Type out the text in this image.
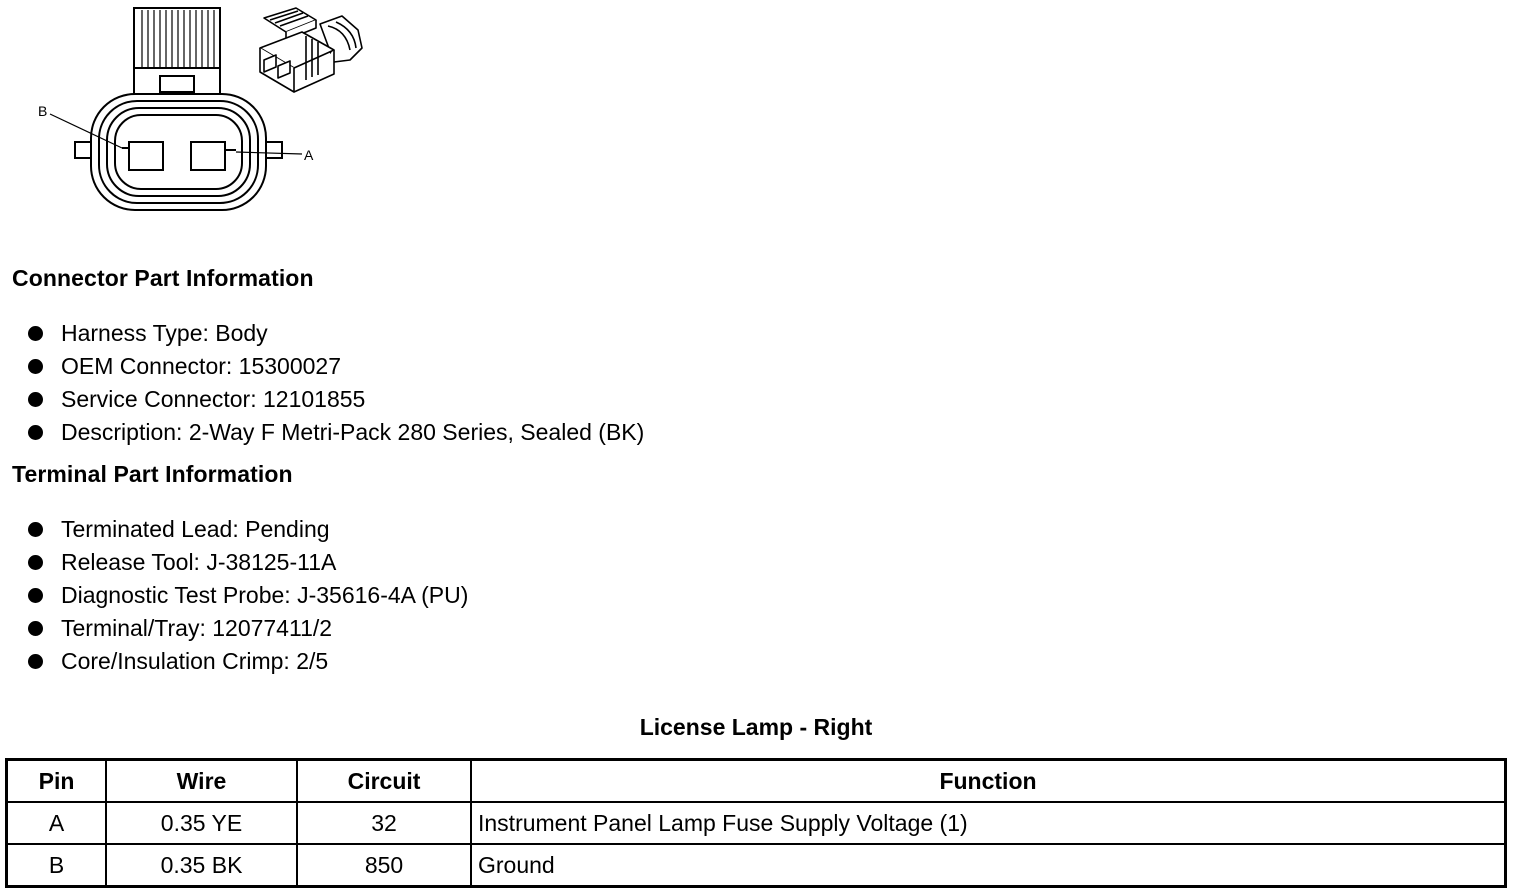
B
A
Connector Part Information
Harness Type: Body
OEM Connector: 15300027
Service Connector: 12101855
Description: 2-Way F Metri-Pack 280 Series, Sealed (BK)
Terminal Part Information
Terminated Lead: Pending
Release Tool: J-38125-11A
Diagnostic Test Probe: J-35616-4A (PU)
Terminal/Tray: 12077411/2
Core/Insulation Crimp: 2/5
License Lamp - Right
Pin	Wire	Circuit	Function
A	0.35 YE	32	Instrument Panel Lamp Fuse Supply Voltage (1)
B	0.35 BK	850	Ground
